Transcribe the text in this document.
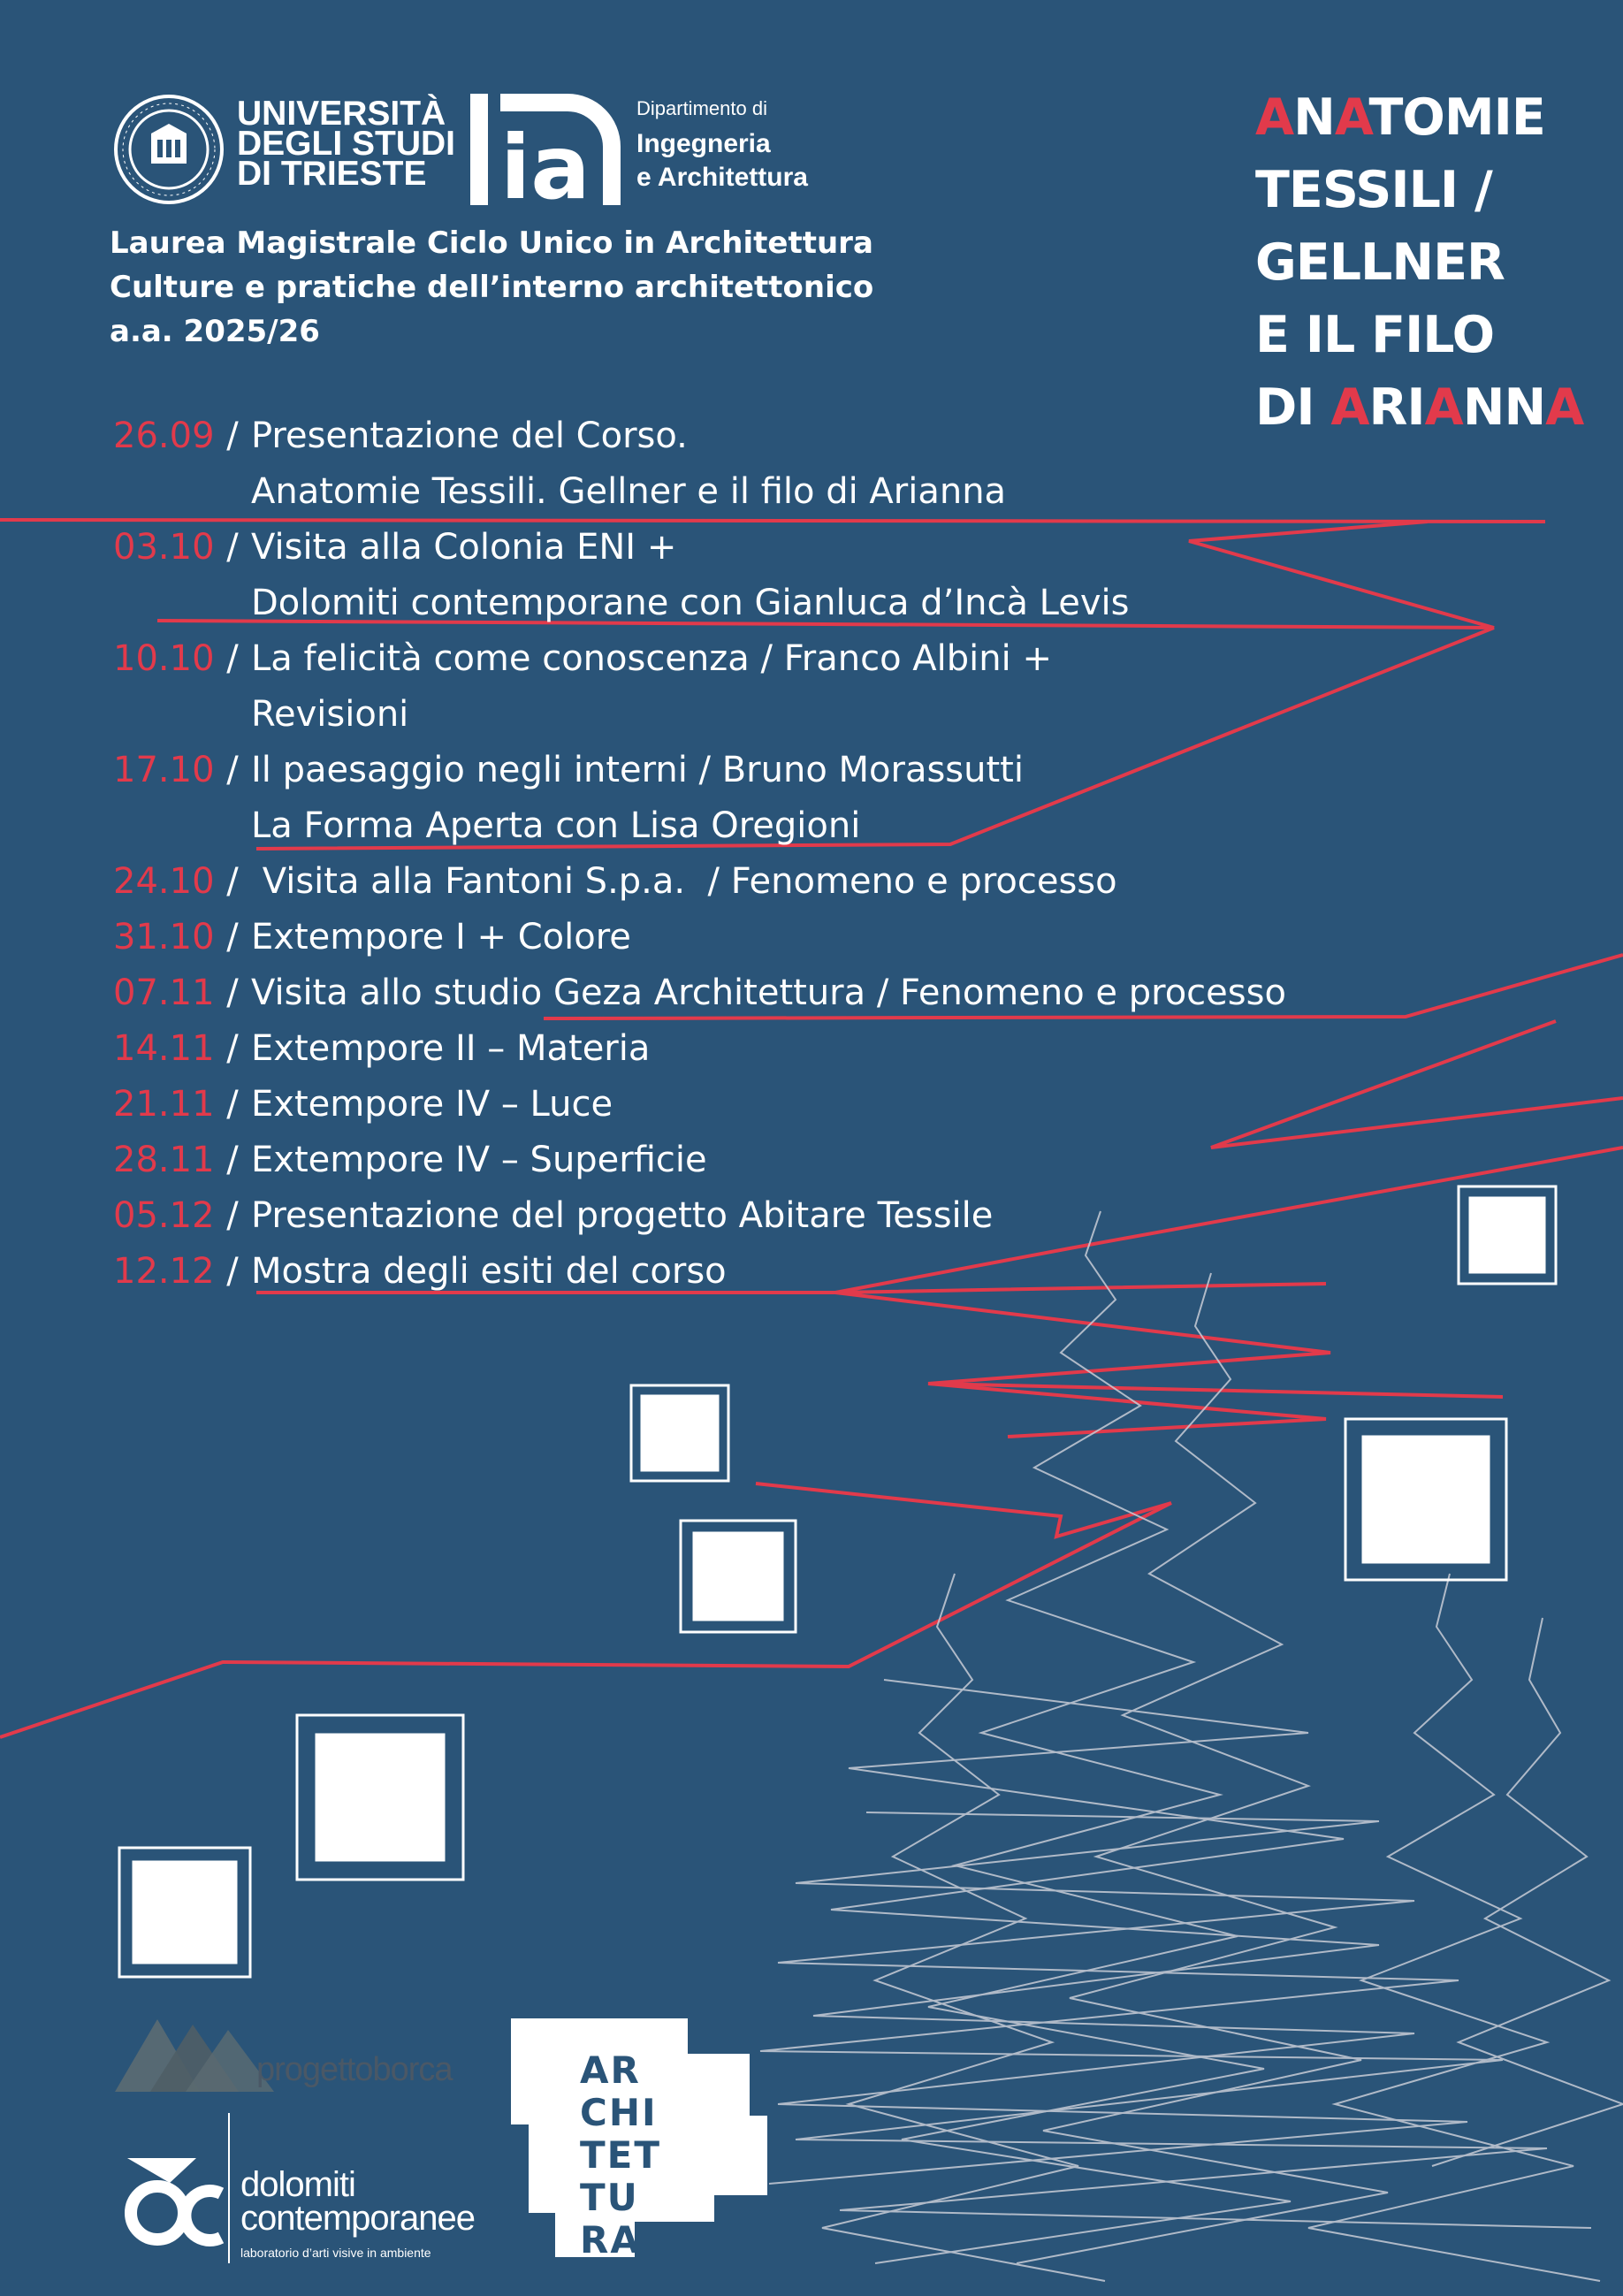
UNIVERSITÀ
DEGLI STUDI
DI TRIESTE ia
Dipartimento di
Ingegneria
e Architettura
Laurea Magistrale Ciclo Unico in Architettura
Culture e pratiche dell’interno architettonico
a.a. 2025/26
ANATOMIE
TESSILI /
GELLNER
E IL FILO
DI ARIANNA
26.09 / Presentazione del Corso.
Anatomie Tessili. Gellner e il filo di Arianna
03.10 / Visita alla Colonia ENI +
Dolomiti contemporane con Gianluca d’Incà Levis
10.10 / La felicità come conoscenza / Franco Albini +
Revisioni
17.10 / Il paesaggio negli interni / Bruno Morassutti
La Forma Aperta con Lisa Oregioni
24.10 / Visita alla Fantoni S.p.a.  / Fenomeno e processo
31.10 / Extempore I + Colore
07.11 / Visita allo studio Geza Architettura / Fenomeno e processo
14.11 / Extempore II – Materia
21.11 / Extempore IV – Luce
28.11 / Extempore IV – Superficie
05.12 / Presentazione del progetto Abitare Tessile
12.12 / Mostra degli esiti del corso
progettoborca
dolomiti
contemporanee
laboratorio d’arti visive in ambiente
AR
CHI
TET
TU
RA·
